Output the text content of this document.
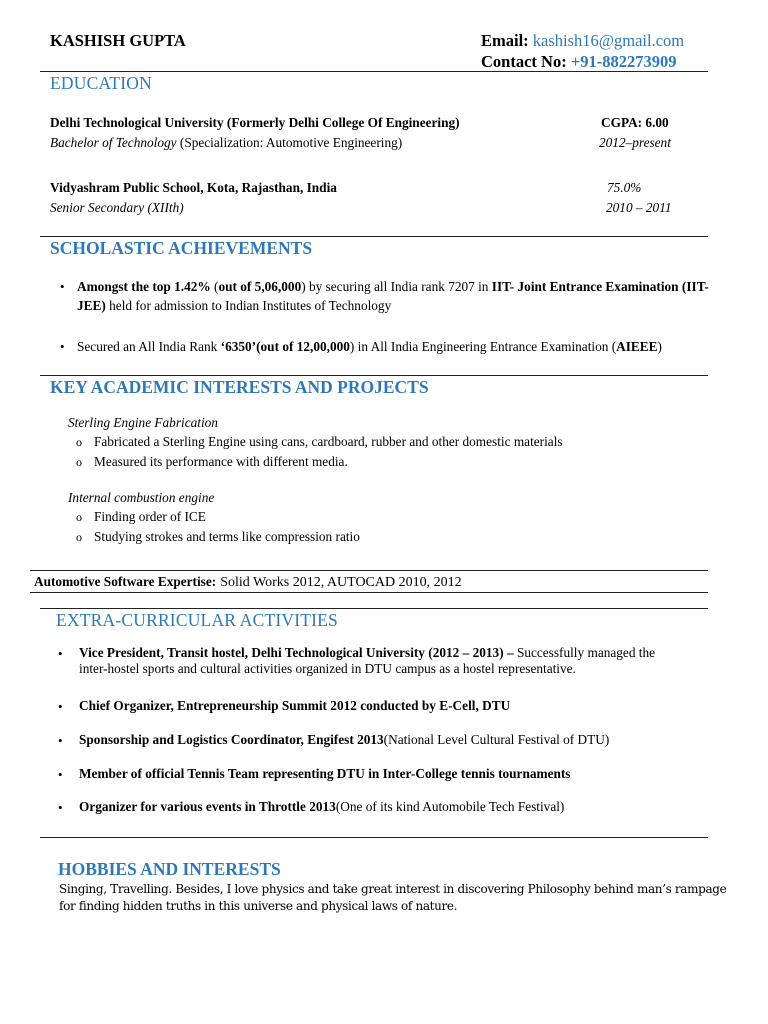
KASHISH GUPTA	Email: kashish16@gmail.com
Contact No: +91-882273909
EDUCATION
Delhi Technological University (Formerly Delhi College Of Engineering)	CGPA: 6.00
Bachelor of Technology (Specialization: Automotive Engineering)	2012–present
Vidyashram Public School, Kota, Rajasthan, India	75.0%
Senior Secondary (XIIth)	2010 – 2011
SCHOLASTIC ACHIEVEMENTS
• Amongst the top 1.42% (out of 5,06,000) by securing all India rank 7207 in IIT- Joint Entrance Examination (IIT-JEE) held for admission to Indian Institutes of Technology
• Secured an All India Rank ‘6350’(out of 12,00,000) in All India Engineering Entrance Examination (AIEEE)
KEY ACADEMIC INTERESTS AND PROJECTS
Sterling Engine Fabrication
o Fabricated a Sterling Engine using cans, cardboard, rubber and other domestic materials
o Measured its performance with different media.
Internal combustion engine
o Finding order of ICE
o Studying strokes and terms like compression ratio
Automotive Software Expertise: Solid Works 2012, AUTOCAD 2010, 2012
EXTRA-CURRICULAR ACTIVITIES
• Vice President, Transit hostel, Delhi Technological University (2012 – 2013) – Successfully managed the
inter-hostel sports and cultural activities organized in DTU campus as a hostel representative.
• Chief Organizer, Entrepreneurship Summit 2012 conducted by E-Cell, DTU
• Sponsorship and Logistics Coordinator, Engifest 2013(National Level Cultural Festival of DTU)
• Member of official Tennis Team representing DTU in Inter-College tennis tournaments
• Organizer for various events in Throttle 2013(One of its kind Automobile Tech Festival)
HOBBIES AND INTERESTS
Singing, Travelling. Besides, I love physics and take great interest in discovering Philosophy behind man’s rampage
for finding hidden truths in this universe and physical laws of nature.
